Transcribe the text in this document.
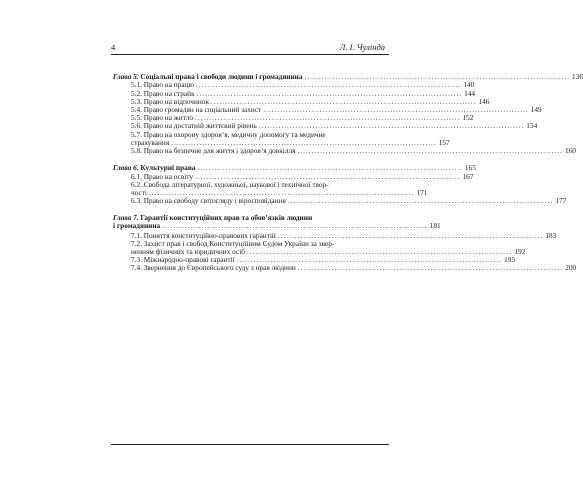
4	Л. І. Чулінда
Глава 5. Соціальні права і свободи людини і громадянина .............................................................................................. 136
5.1. Право на працю .............................................................................................. 140
5.2. Право на страйк .............................................................................................. 144
5.3. Право на відпочинок .............................................................................................. 146
5.4. Право громадян на соціальний захист .............................................................................................. 149
5.5. Право на житло .............................................................................................. 152
5.6. Право на достатній життєвий рівень .............................................................................................. 154
5.7. Право на охорону здоров’я, медичну допомогу та медичне
страхування .............................................................................................. 157
5.8. Право на безпечне для життя і здоров’я довкілля .............................................................................................. 160
Глава 6. Культурні права .............................................................................................. 165
6.1. Право на освіту .............................................................................................. 167
6.2. Свобода літературної, художньої, наукової і технічної твор-
чості .............................................................................................. 171
6.3. Право на свободу світогляду і віросповідання .............................................................................................. 177
Глава 7. Гарантії конституційних прав та обов’язків людини
і громадянина .............................................................................................. 181
7.1. Поняття конституційно-правових гарантій .............................................................................................. 183
7.2. Захист прав і свобод Конституційним Судом України за звер-
ненням фізичних та юридичних осіб .............................................................................................. 192
7.3. Міжнародно-правові гарантії .............................................................................................. 195
7.4. Звернення до Європейського суду з прав людини .............................................................................................. 200
